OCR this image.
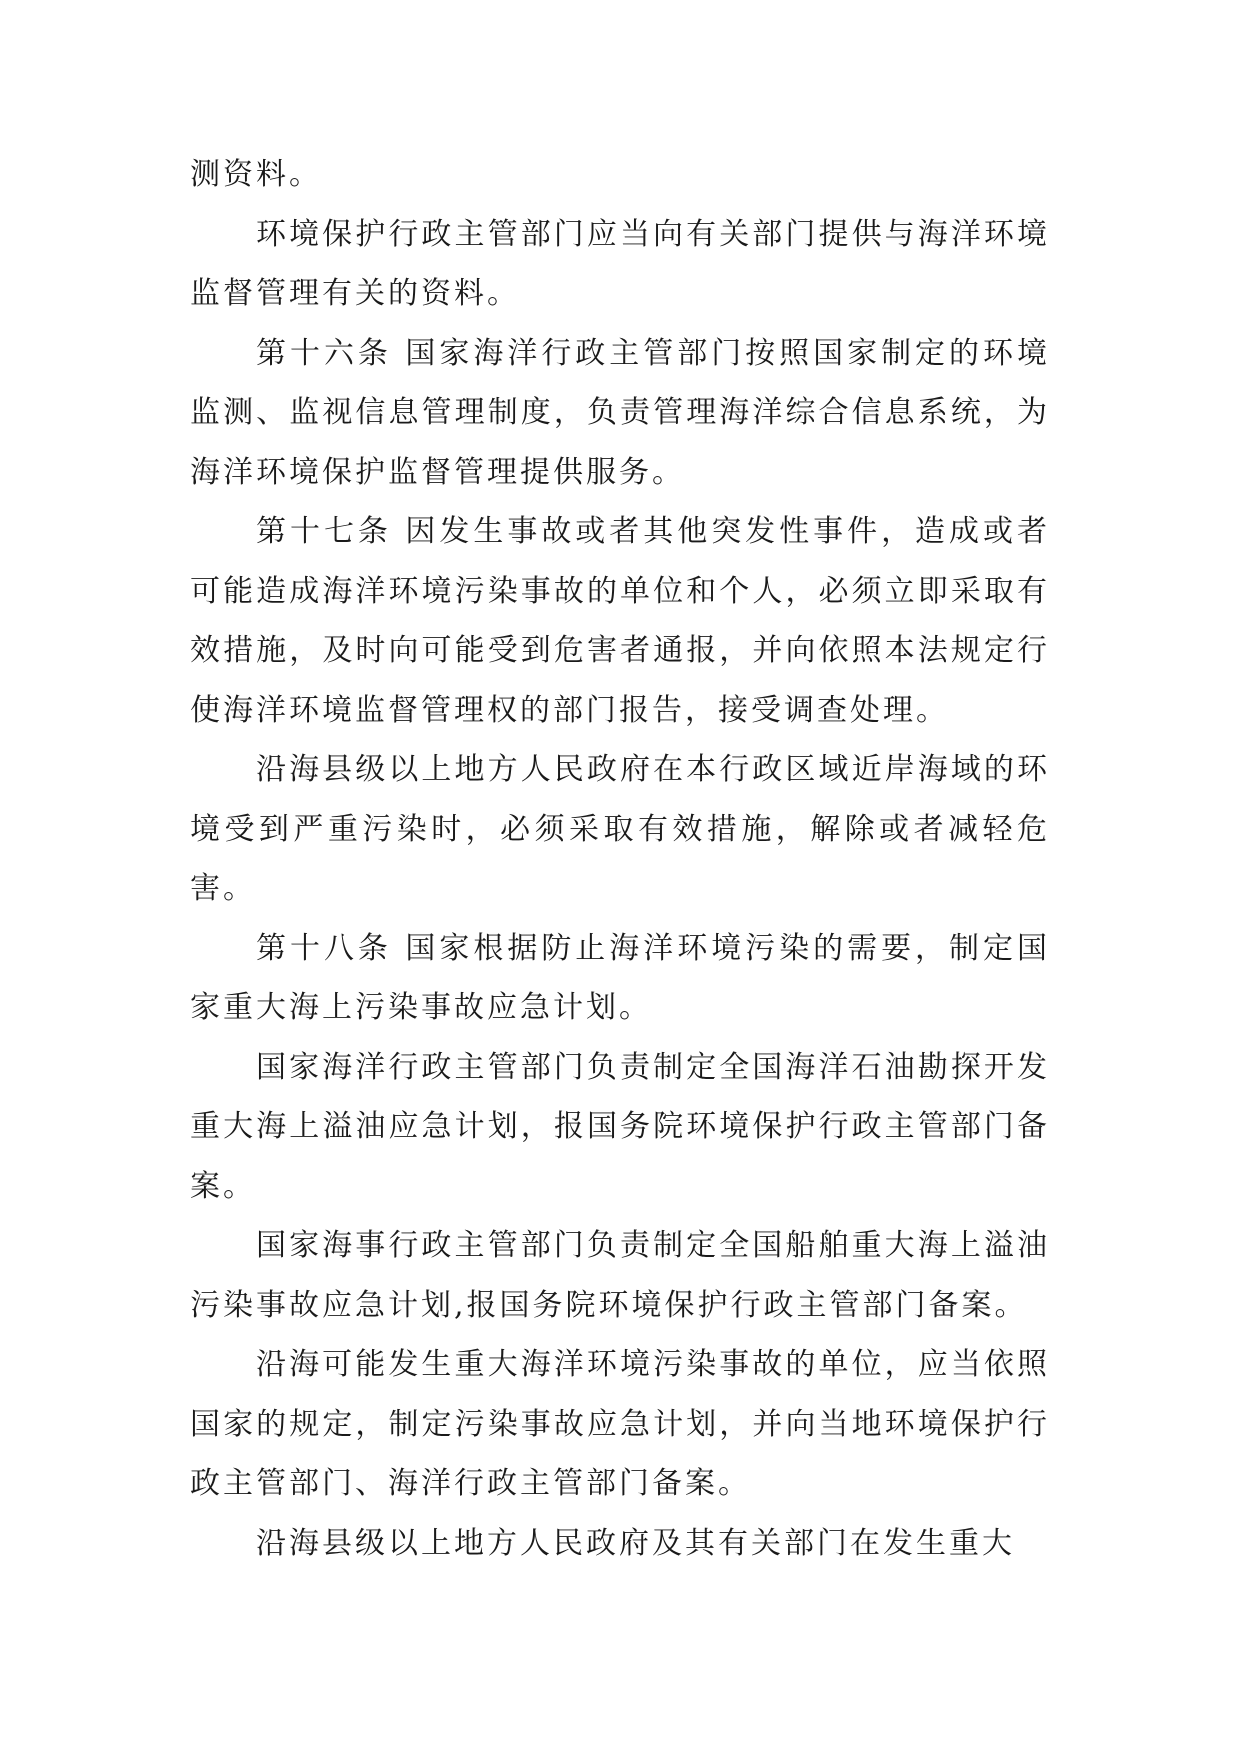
测资料。

环境保护行政主管部门应当向有关部门提供与海洋环境监督管理有关的资料。

第十六条 国家海洋行政主管部门按照国家制定的环境监测、监视信息管理制度，负责管理海洋综合信息系统，为海洋环境保护监督管理提供服务。

第十七条 因发生事故或者其他突发性事件，造成或者可能造成海洋环境污染事故的单位和个人，必须立即采取有效措施，及时向可能受到危害者通报，并向依照本法规定行使海洋环境监督管理权的部门报告，接受调查处理。

沿海县级以上地方人民政府在本行政区域近岸海域的环境受到严重污染时，必须采取有效措施，解除或者减轻危害。

第十八条 国家根据防止海洋环境污染的需要，制定国家重大海上污染事故应急计划。

国家海洋行政主管部门负责制定全国海洋石油勘探开发重大海上溢油应急计划，报国务院环境保护行政主管部门备案。

国家海事行政主管部门负责制定全国船舶重大海上溢油污染事故应急计划,报国务院环境保护行政主管部门备案。

沿海可能发生重大海洋环境污染事故的单位，应当依照国家的规定，制定污染事故应急计划，并向当地环境保护行政主管部门、海洋行政主管部门备案。

沿海县级以上地方人民政府及其有关部门在发生重大
